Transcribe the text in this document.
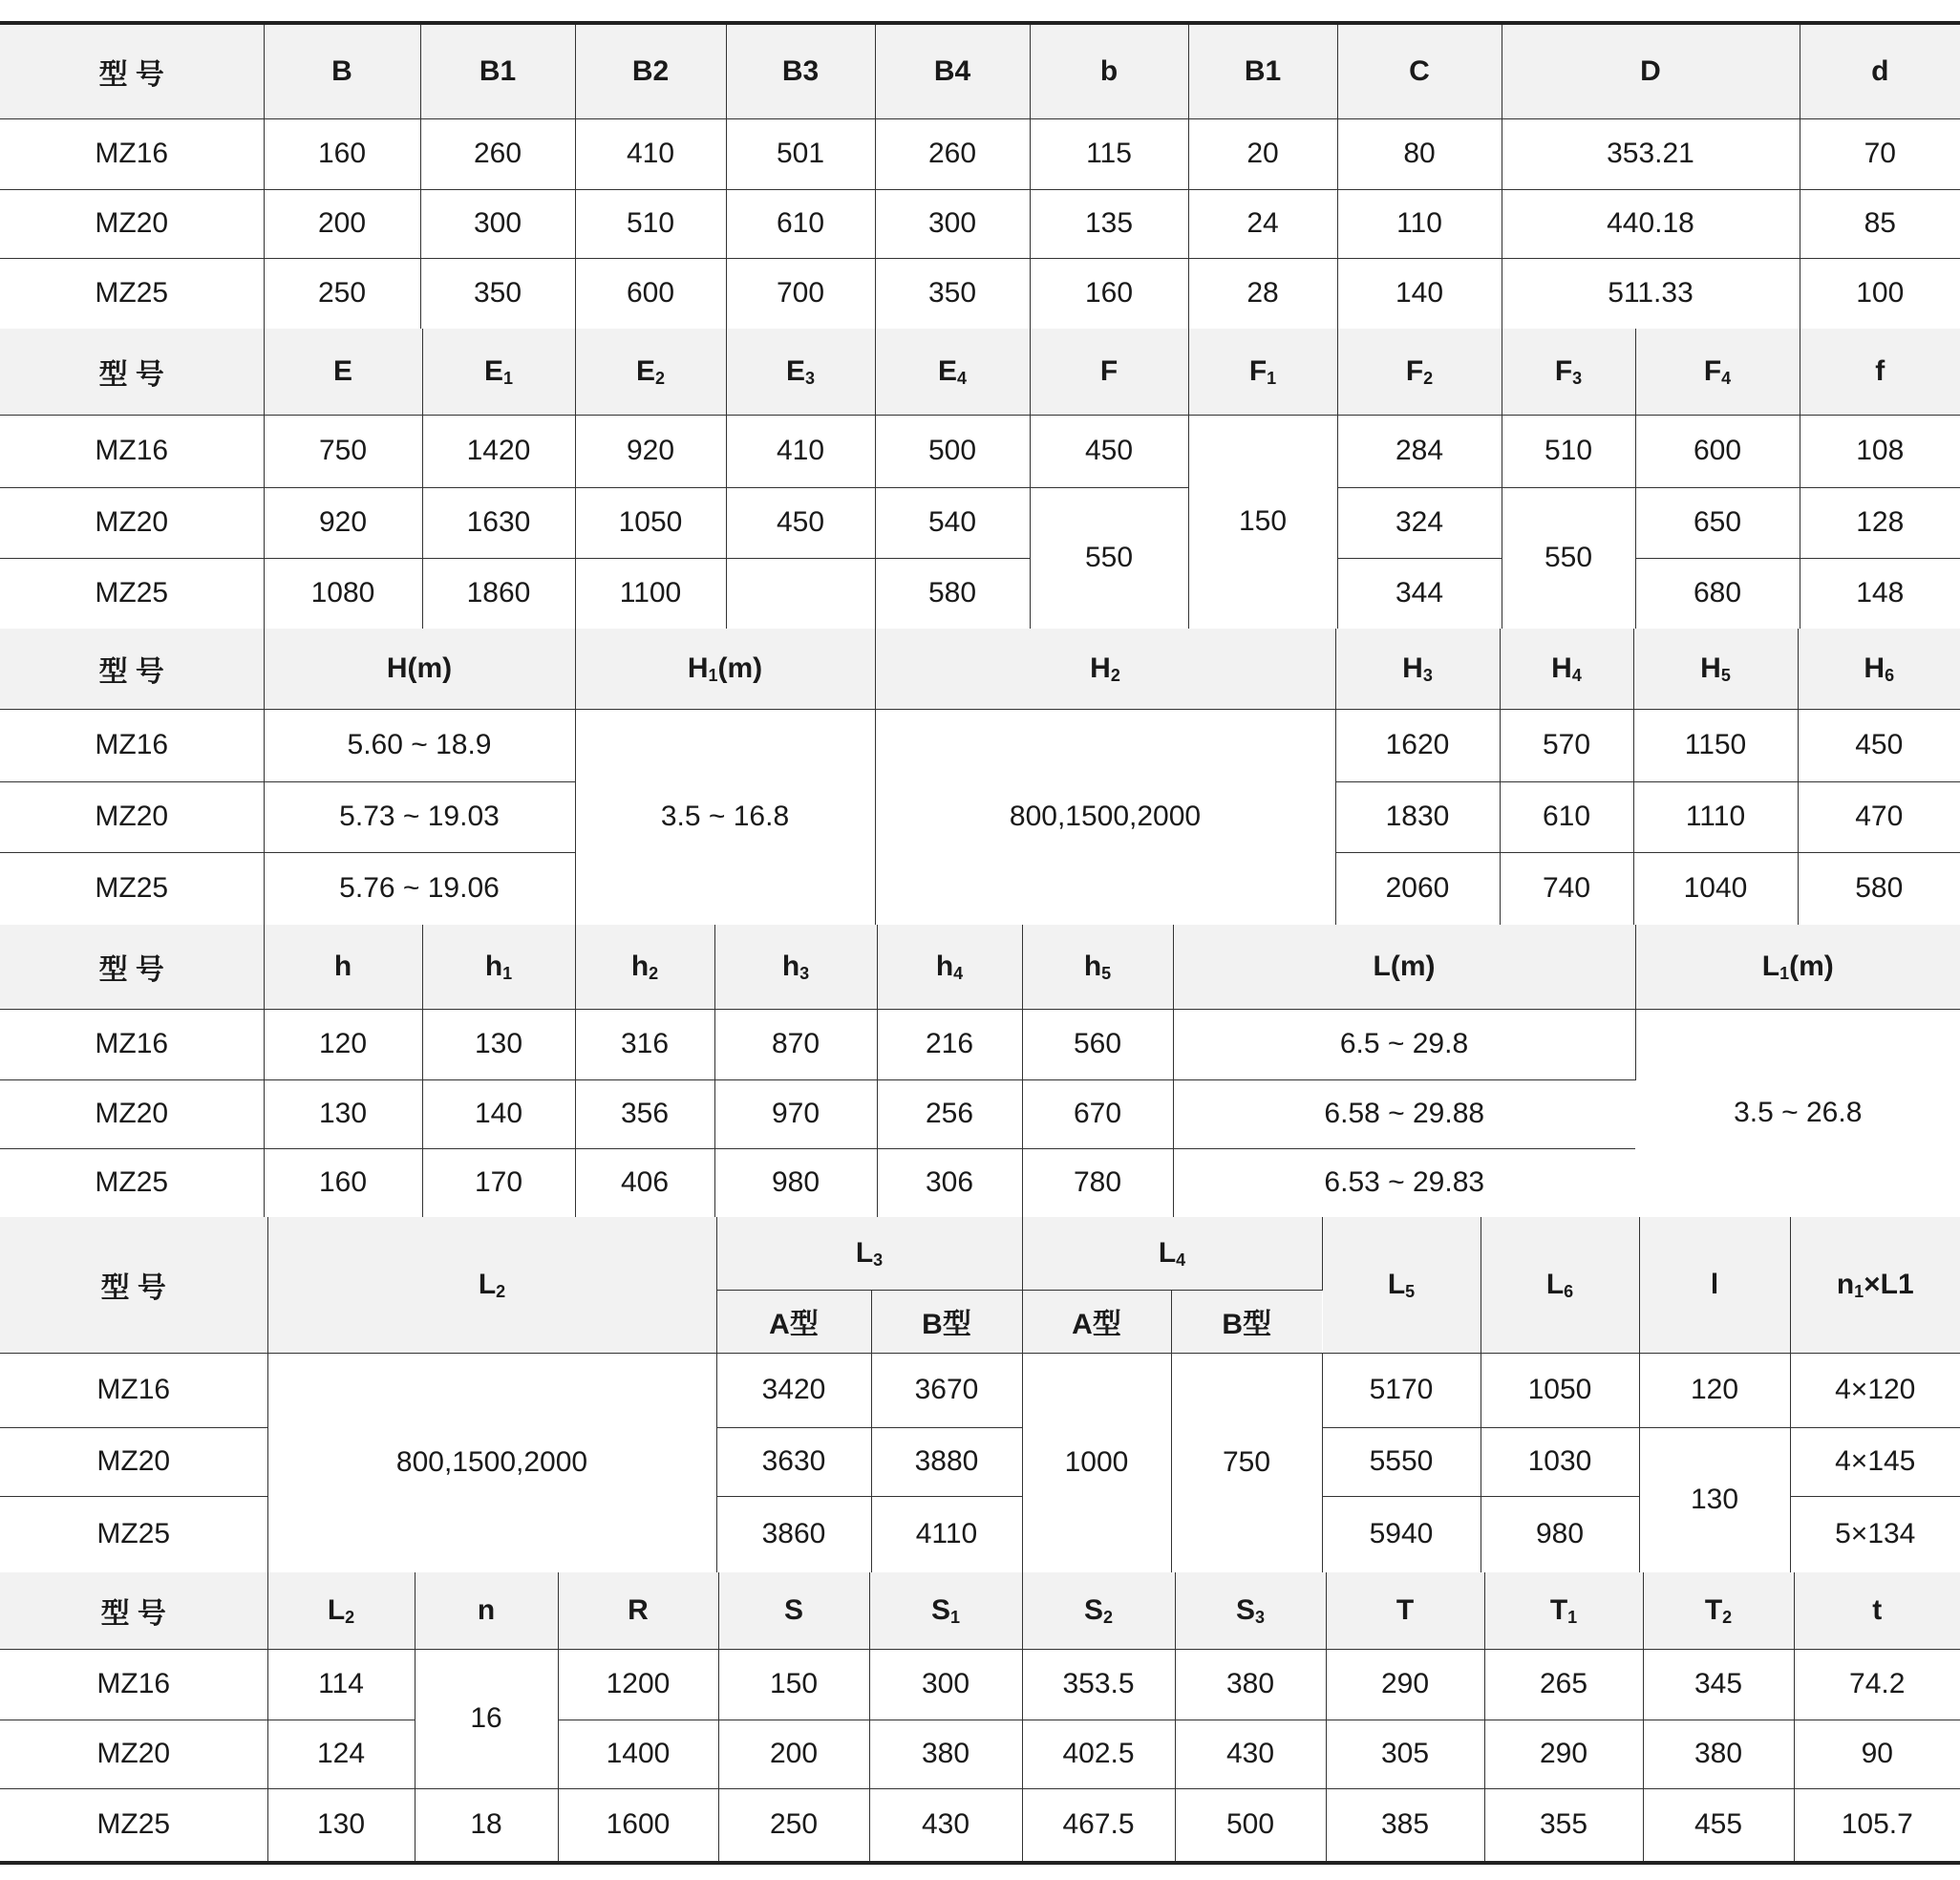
型 号	B	B1	B2	B3	B4	b	B1	C	D	d
MZ16	160	260	410	501	260	115	20	80	353.21	70
MZ20	200	300	510	610	300	135	24	110	440.18	85
MZ25	250	350	600	700	350	160	28	140	511.33	100
型 号	E	$E_1$	$E_2$	$E_3$	$E_4$	F	$F_1$	$F_2$	$F_3$	$F_4$	f
MZ16	750	1420	920	410	500	450	150	284	510	600	108
MZ20	920	1630	1050	450	540	550		324	550	650	128
MZ25	1080	1860	1100		580			344		680	148
型 号	H(m)	$H_1(m)$	$H_2$	$H_3$	$H_4$	$H_5$	$H_6$
MZ16	5.60 ~ 18.9	3.5 ~ 16.8	800,1500,2000	1620	570	1150	450
MZ20	5.73 ~ 19.03			1830	610	1110	470
MZ25	5.76 ~ 19.06			2060	740	1040	580
型 号	h	$h_1$	$h_2$	$h_3$	$h_4$	$h_5$	L(m)	$L_1(m)$
MZ16	120	130	316	870	216	560	6.5 ~ 29.8	3.5 ~ 26.8
MZ20	130	140	356	970	256	670	6.58 ~ 29.88	
MZ25	160	170	406	980	306	780	6.53 ~ 29.83	
型 号	$L_2$	$L_3$		$L_4$		$L_5$	$L_6$	l	$n_1\times L1$
		A型	B型	A型	B型				
MZ16	800,1500,2000	3420	3670	1000	750	5170	1050	120	4×120
MZ20		3630	3880			5550	1030	130	4×145
MZ25		3860	4110			5940	980		5×134
型 号	$L_2$	n	R	S	$S_1$	$S_2$	$S_3$	T	$T_1$	$T_2$	t
MZ16	114	16	1200	150	300	353.5	380	290	265	345	74.2
MZ20	124		1400	200	380	402.5	430	305	290	380	90
MZ25	130	18	1600	250	430	467.5	500	385	355	455	105.7
